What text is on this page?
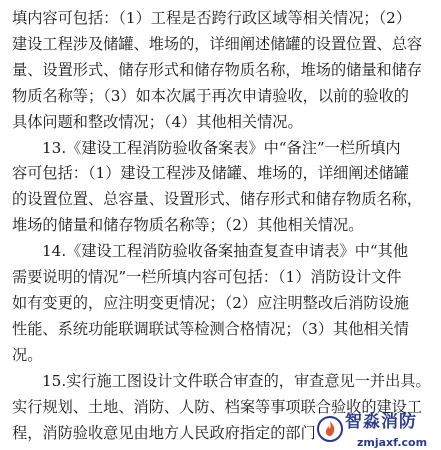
填内容可包括：（1）工程是否跨行政区域等相关情况；（2）
建设工程涉及储罐、堆场的，详细阐述储罐的设置位置、总容
量、设置形式、储存形式和储存物质名称，堆场的储量和储存
物质名称等；（3）如本次属于再次申请验收，以前的验收的
具体问题和整改情况；（4）其他相关情况。

13.《建设工程消防验收备案表》中“备注”一栏所填内
容可包括：（1）建设工程涉及储罐、堆场的，详细阐述储罐
的设置位置、总容量、设置形式、储存形式和储存物质名称，
堆场的储量和储存物质名称等；（2）其他相关情况。

14.《建设工程消防验收备案抽查复查申请表》中“其他
需要说明的情况”一栏所填内容可包括：（1）消防设计文件
如有变更的，应注明变更情况；（2）应注明整改后消防设施
性能、系统功能联调联试等检测合格情况；（3）其他相关情
况。

15.实行施工图设计文件联合审查的，审查意见一并出具。
实行规划、土地、消防、人防、档案等事项联合验收的建设工
程，消防验收意见由地方人民政府指定的部门

智淼消防
zmjaxf.com
